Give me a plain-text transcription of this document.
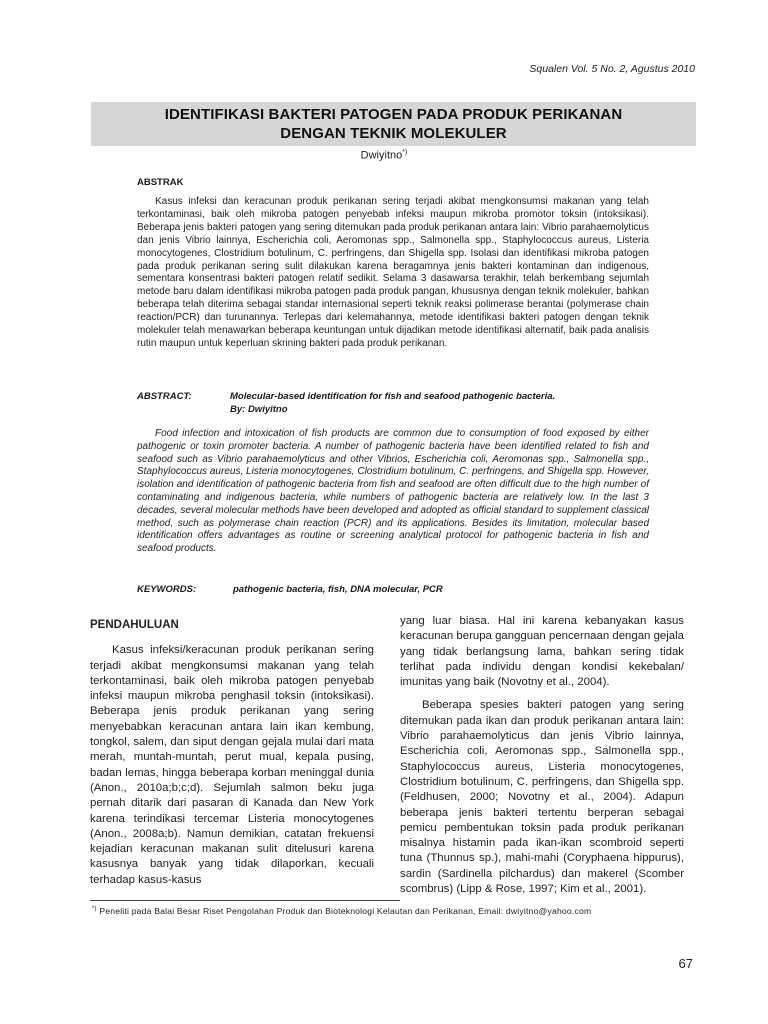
Squalen Vol. 5 No. 2, Agustus 2010
IDENTIFIKASI BAKTERI PATOGEN PADA PRODUK PERIKANAN
DENGAN TEKNIK MOLEKULER
Dwiyitno*)
ABSTRAK
Kasus infeksi dan keracunan produk perikanan sering terjadi akibat mengkonsumsi makanan yang telah terkontaminasi, baik oleh mikroba patogen penyebab infeksi maupun mikroba promotor toksin (intoksikasi). Beberapa jenis bakteri patogen yang sering ditemukan pada produk perikanan antara lain: Vibrio parahaemolyticus dan jenis Vibrio lainnya, Escherichia coli, Aeromonas spp., Salmonella spp., Staphylococcus aureus, Listeria monocytogenes, Clostridium botulinum, C. perfringens, dan Shigella spp. Isolasi dan identifikasi mikroba patogen pada produk perikanan sering sulit dilakukan karena beragamnya jenis bakteri kontaminan dan indigenous, sementara konsentrasi bakteri patogen relatif sedikit. Selama 3 dasawarsa terakhir, telah berkembang sejumlah metode baru dalam identifikasi mikroba patogen pada produk pangan, khususnya dengan teknik molekuler, bahkan beberapa telah diterima sebagai standar internasional seperti teknik reaksi polimerase berantai (polymerase chain reaction/PCR) dan turunannya. Terlepas dari kelemahannya, metode identifikasi bakteri patogen dengan teknik molekuler telah menawarkan beberapa keuntungan untuk dijadikan metode identifikasi alternatif, baik pada analisis rutin maupun untuk keperluan skrining bakteri pada produk perikanan.
ABSTRACT:	Molecular-based identification for fish and seafood pathogenic bacteria.
By: Dwiyitno
Food infection and intoxication of fish products are common due to consumption of food exposed by either pathogenic or toxin promoter bacteria. A number of pathogenic bacteria have been identified related to fish and seafood such as Vibrio parahaemolyticus and other Vibrios, Escherichia coli, Aeromonas spp., Salmonella spp., Staphylococcus aureus, Listeria monocytogenes, Clostridium botulinum, C. perfringens, and Shigella spp. However, isolation and identification of pathogenic bacteria from fish and seafood are often difficult due to the high number of contaminating and indigenous bacteria, while numbers of pathogenic bacteria are relatively low. In the last 3 decades, several molecular methods have been developed and adopted as official standard to supplement classical method, such as polymerase chain reaction (PCR) and its applications. Besides its limitation, molecular based identification offers advantages as routine or screening analytical protocol for pathogenic bacteria in fish and seafood products.
KEYWORDS:	pathogenic bacteria, fish, DNA molecular, PCR
PENDAHULUAN

Kasus infeksi/keracunan produk perikanan sering terjadi akibat mengkonsumsi makanan yang telah terkontaminasi, baik oleh mikroba patogen penyebab infeksi maupun mikroba penghasil toksin (intoksikasi). Beberapa jenis produk perikanan yang sering menyebabkan keracunan antara lain ikan kembung, tongkol, salem, dan siput dengan gejala mulai dari mata merah, muntah-muntah, perut mual, kepala pusing, badan lemas, hingga beberapa korban meninggal dunia (Anon., 2010a;b;c;d). Sejumlah salmon beku juga pernah ditarik dari pasaran di Kanada dan New York karena terindikasi tercemar Listeria monocytogenes (Anon., 2008a;b). Namun demikian, catatan frekuensi kejadian keracunan makanan sulit ditelusuri karena kasusnya banyak yang tidak dilaporkan, kecuali terhadap kasus-kasus

yang luar biasa. Hal ini karena kebanyakan kasus keracunan berupa gangguan pencernaan dengan gejala yang tidak berlangsung lama, bahkan sering tidak terlihat pada individu dengan kondisi kekebalan/ imunitas yang baik (Novotny et al., 2004).

Beberapa spesies bakteri patogen yang sering ditemukan pada ikan dan produk perikanan antara lain: Vibrio parahaemolyticus dan jenis Vibrio lainnya, Escherichia coli, Aeromonas spp., Salmonella spp., Staphylococcus aureus, Listeria monocytogenes, Clostridium botulinum, C. perfringens, dan Shigella spp. (Feldhusen, 2000; Novotny et al., 2004). Adapun beberapa jenis bakteri tertentu berperan sebagai pemicu pembentukan toksin pada produk perikanan misalnya histamin pada ikan-ikan scombroid seperti tuna (Thunnus sp.), mahi-mahi (Coryphaena hippurus), sardin (Sardinella pilchardus) dan makerel (Scomber scombrus) (Lipp & Rose, 1997; Kim et al., 2001).

*) Peneliti pada Balai Besar Riset Pengolahan Produk dan Bioteknologi Kelautan dan Perikanan, Email: dwiyitno@yahoo.com
67
